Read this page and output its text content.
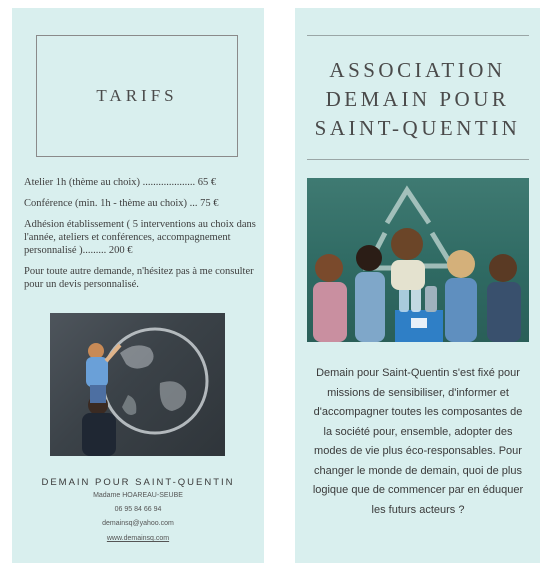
TARIFS

Atelier 1h (thème au choix) .................... 65 €

Conférence (min. 1h - thème au choix) ... 75 €

Adhésion établissement ( 5 interventions au choix dans l'année, ateliers et conférences, accompagnement personnalisé )......... 200 €

Pour toute autre demande, n'hésitez pas à me consulter pour un devis personnalisé.

DEMAIN POUR SAINT-QUENTIN
Madame HOAREAU-SEUBE
06 95 84 66 94
demainsq@yahoo.com
www.demainsq.com
ASSOCIATION
DEMAIN POUR
SAINT-QUENTIN
Demain pour Saint-Quentin s'est fixé pour missions de sensibiliser, d'informer et d'accompagner toutes les composantes de la société pour, ensemble, adopter des modes de vie plus éco-responsables. Pour changer le monde de demain, quoi de plus logique que de commencer par en éduquer les futurs acteurs ?
